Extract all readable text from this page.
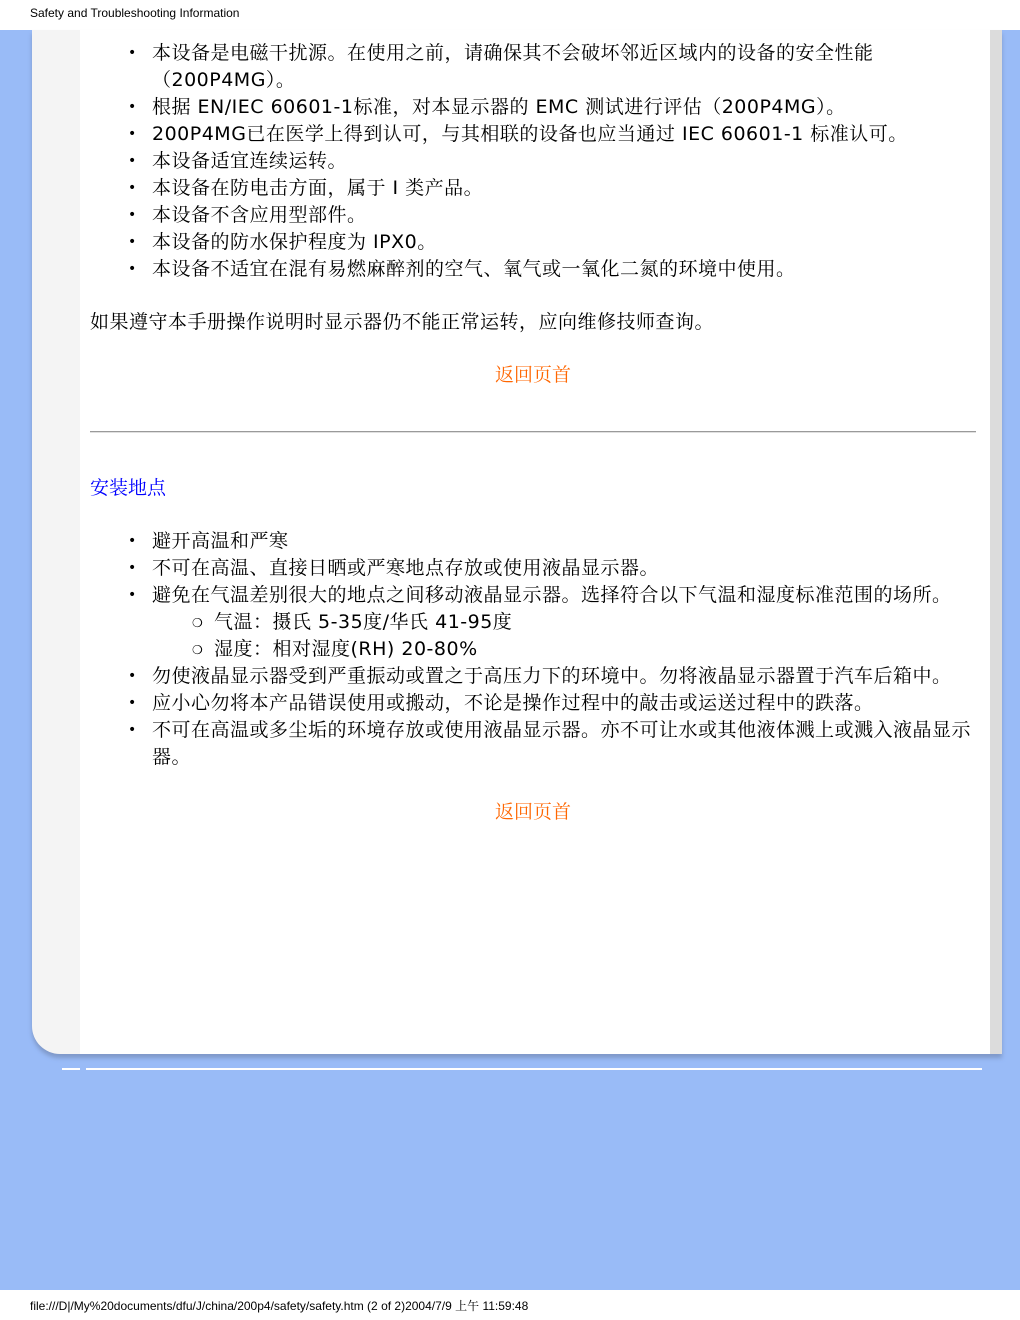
Safety and Troubleshooting Information
• 本设备是电磁干扰源。在使用之前，请确保其不会破坏邻近区域内的设备的安全性能（200P4MG）。
• 根据 EN/IEC 60601-1标准，对本显示器的 EMC 测试进行评估（200P4MG）。
• 200P4MG已在医学上得到认可，与其相联的设备也应当通过 IEC 60601-1 标准认可。
• 本设备适宜连续运转。
• 本设备在防电击方面，属于 I 类产品。
• 本设备不含应用型部件。
• 本设备的防水保护程度为 IPX0。
• 本设备不适宜在混有易燃麻醉剂的空气、氧气或一氧化二氮的环境中使用。

如果遵守本手册操作说明时显示器仍不能正常运转，应向维修技师查询。

返回页首
安装地点
• 避开高温和严寒
• 不可在高温、直接日晒或严寒地点存放或使用液晶显示器。
• 避免在气温差别很大的地点之间移动液晶显示器。选择符合以下气温和湿度标准范围的场所。
❍ 气温：摄氏 5-35度/华氏 41-95度
❍ 湿度：相对湿度(RH) 20-80%
• 勿使液晶显示器受到严重振动或置之于高压力下的环境中。勿将液晶显示器置于汽车后箱中。
• 应小心勿将本产品错误使用或搬动，不论是操作过程中的敲击或运送过程中的跌落。
• 不可在高温或多尘垢的环境存放或使用液晶显示器。亦不可让水或其他液体溅上或溅入液晶显示器。
返回页首
file:///D|/My%20documents/dfu/J/china/200p4/safety/safety.htm (2 of 2)2004/7/9 上午 11:59:48
